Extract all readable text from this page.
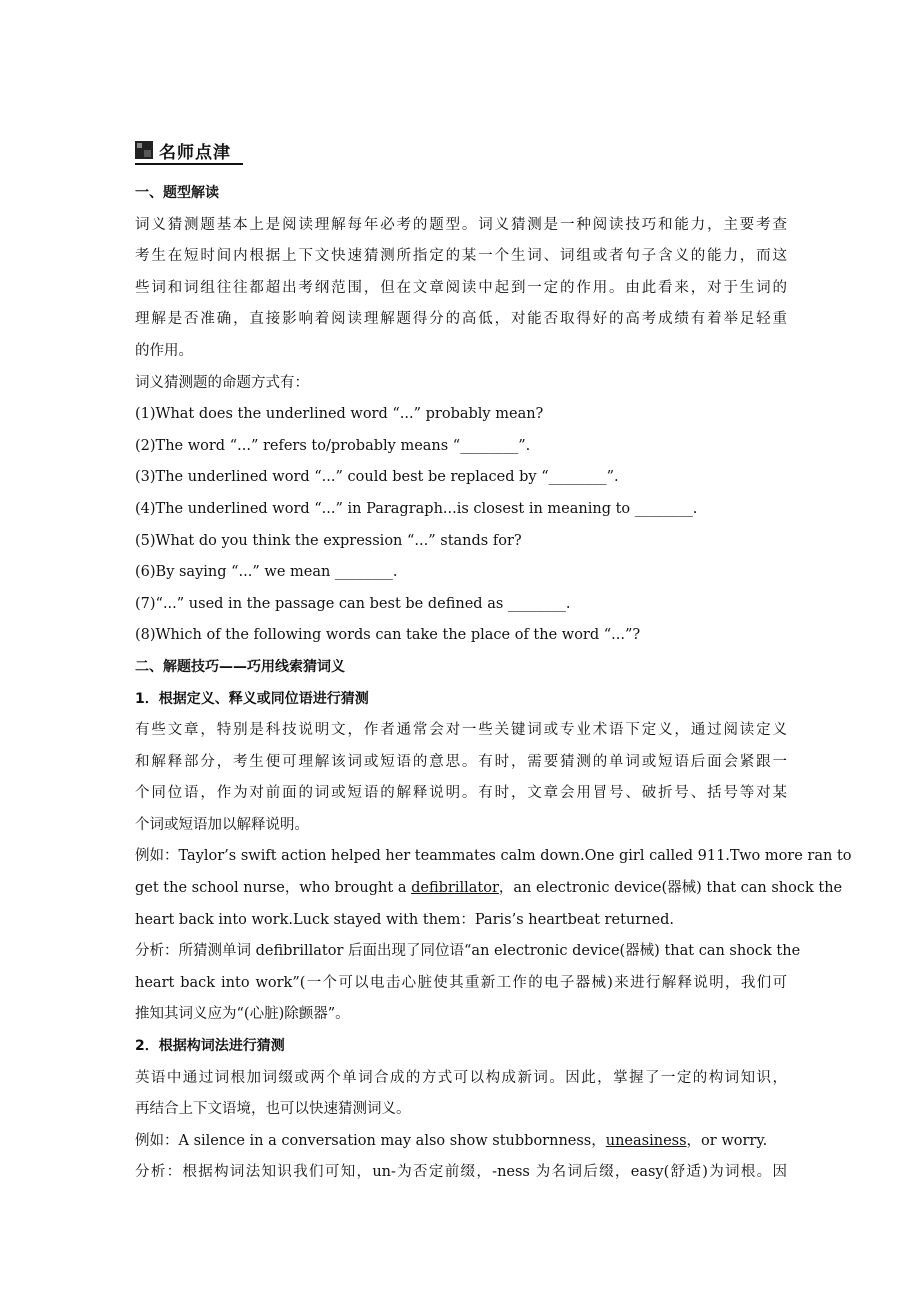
名师点津
一、题型解读
词义猜测题基本上是阅读理解每年必考的题型。词义猜测是一种阅读技巧和能力，主要考查
考生在短时间内根据上下文快速猜测所指定的某一个生词、词组或者句子含义的能力，而这
些词和词组往往都超出考纲范围，但在文章阅读中起到一定的作用。由此看来，对于生词的
理解是否准确，直接影响着阅读理解题得分的高低，对能否取得好的高考成绩有着举足轻重
的作用。
词义猜测题的命题方式有：
(1)What does the underlined word “...” probably mean?
(2)The word “...” refers to/probably means “________”.
(3)The underlined word “...” could best be replaced by “________”.
(4)The underlined word “...” in Paragraph...is closest in meaning to ________.
(5)What do you think the expression “...” stands for?
(6)By saying “...” we mean ________.
(7)“...” used in the passage can best be defined as ________.
(8)Which of the following words can take the place of the word “...”?
二、解题技巧——巧用线索猜词义
1．根据定义、释义或同位语进行猜测
有些文章，特别是科技说明文，作者通常会对一些关键词或专业术语下定义，通过阅读定义
和解释部分，考生便可理解该词或短语的意思。有时，需要猜测的单词或短语后面会紧跟一
个同位语，作为对前面的词或短语的解释说明。有时，文章会用冒号、破折号、括号等对某
个词或短语加以解释说明。
例如：Taylor’s swift action helped her teammates calm down.One girl called 911.Two more ran to
get the school nurse，who brought a defibrillator，an electronic device(器械) that can shock the
heart back into work.Luck stayed with them：Paris’s heartbeat returned.
分析：所猜测单词 defibrillator 后面出现了同位语“an electronic device(器械) that can shock the
heart back into work”(一个可以电击心脏使其重新工作的电子器械)来进行解释说明，我们可
推知其词义应为“(心脏)除颤器”。
2．根据构词法进行猜测
英语中通过词根加词缀或两个单词合成的方式可以构成新词。因此，掌握了一定的构词知识，
再结合上下文语境，也可以快速猜测词义。
例如：A silence in a conversation may also show stubbornness，uneasiness，or worry.
分析：根据构词法知识我们可知，un-为否定前缀，-ness 为名词后缀，easy(舒适)为词根。因
